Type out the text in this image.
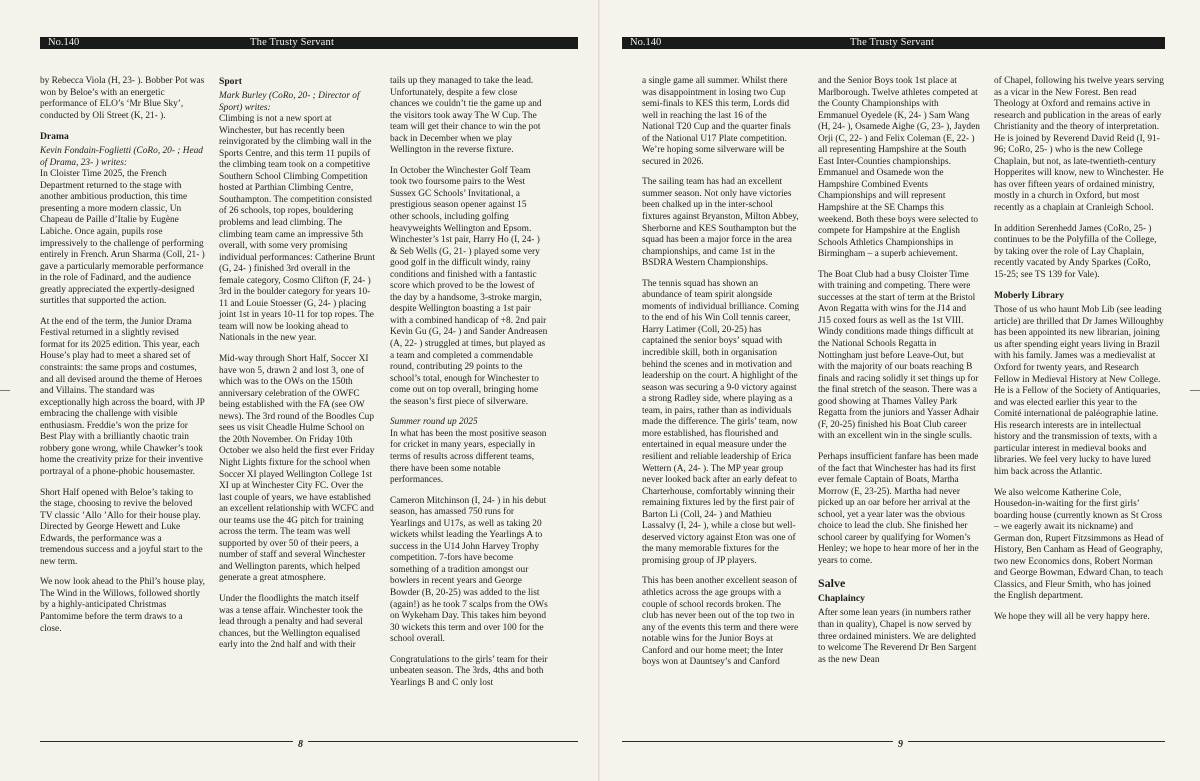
No.140	The Trusty Servant

by Rebecca Viola (H, 23- ). Bobber Pot was won by Beloe’s with an energetic performance of ELO’s ‘Mr Blue Sky’, conducted by Oli Street (K, 21- ).

Drama

Kevin Fondain-Foglietti (CoRo, 20- ; Head of Drama, 23- ) writes:

In Cloister Time 2025, the French Department returned to the stage with another ambitious production, this time presenting a more modern classic, Un Chapeau de Paille d’Italie by Eugène Labiche. Once again, pupils rose impressively to the challenge of performing entirely in French. Arun Sharma (Coll, 21- ) gave a particularly memorable performance in the role of Fadinard, and the audience greatly appreciated the expertly-designed surtitles that supported the action.

At the end of the term, the Junior Drama Festival returned in a slightly revised format for its 2025 edition. This year, each House’s play had to meet a shared set of constraints: the same props and costumes, and all devised around the theme of Heroes and Villains. The standard was exceptionally high across the board, with JP embracing the challenge with visible enthusiasm. Freddie’s won the prize for Best Play with a brilliantly chaotic train robbery gone wrong, while Chawker’s took home the creativity prize for their inventive portrayal of a phone-phobic housemaster.

Short Half opened with Beloe’s taking to the stage, choosing to revive the beloved TV classic ’Allo ’Allo for their house play. Directed by George Hewett and Luke Edwards, the performance was a tremendous success and a joyful start to the new term.

We now look ahead to the Phil’s house play, The Wind in the Willows, followed shortly by a highly-anticipated Christmas Pantomime before the term draws to a close.

Sport

Mark Burley (CoRo, 20- ; Director of Sport) writes:

Climbing is not a new sport at Winchester, but has recently been reinvigorated by the climbing wall in the Sports Centre, and this term 11 pupils of the climbing team took on a competitive Southern School Climbing Competition hosted at Parthian Climbing Centre, Southampton. The competition consisted of 26 schools, top ropes, bouldering problems and lead climbing. The climbing team came an impressive 5th overall, with some very promising individual performances: Catherine Brunt (G, 24- ) finished 3rd overall in the female category, Cosmo Clifton (F, 24- ) 3rd in the boulder category for years 10-11 and Louie Stoesser (G, 24- ) placing joint 1st in years 10-11 for top ropes. The team will now be looking ahead to Nationals in the new year.

Mid-way through Short Half, Soccer XI have won 5, drawn 2 and lost 3, one of which was to the OWs on the 150th anniversary celebration of the OWFC being established with the FA (see OW news). The 3rd round of the Boodles Cup sees us visit Cheadle Hulme School on the 20th November. On Friday 10th October we also held the first ever Friday Night Lights fixture for the school when Soccer XI played Wellington College 1st XI up at Winchester City FC. Over the last couple of years, we have established an excellent relationship with WCFC and our teams use the 4G pitch for training across the term. The team was well supported by over 50 of their peers, a number of staff and several Winchester and Wellington parents, which helped generate a great atmosphere.

Under the floodlights the match itself was a tense affair. Winchester took the lead through a penalty and had several chances, but the Wellington equalised early into the 2nd half and with their

tails up they managed to take the lead. Unfortunately, despite a few close chances we couldn’t tie the game up and the visitors took away The W Cup. The team will get their chance to win the pot back in December when we play Wellington in the reverse fixture.

In October the Winchester Golf Team took two foursome pairs to the West Sussex GC Schools’ Invitational, a prestigious season opener against 15 other schools, including golfing heavyweights Wellington and Epsom. Winchester’s 1st pair, Harry Ho (I, 24- ) & Seb Wells (G, 21- ) played some very good golf in the difficult windy, rainy conditions and finished with a fantastic score which proved to be the lowest of the day by a handsome, 3-stroke margin, despite Wellington boasting a 1st pair with a combined handicap of +8. 2nd pair Kevin Gu (G, 24- ) and Sander Andreasen (A, 22- ) struggled at times, but played as a team and completed a commendable round, contributing 29 points to the school’s total, enough for Winchester to come out on top overall, bringing home the season’s first piece of silverware.

Summer round up 2025

In what has been the most positive season for cricket in many years, especially in terms of results across different teams, there have been some notable performances.

Cameron Mitchinson (I, 24- ) in his debut season, has amassed 750 runs for Yearlings and U17s, as well as taking 20 wickets whilst leading the Yearlings A to success in the U14 John Harvey Trophy competition. 7-fors have become something of a tradition amongst our bowlers in recent years and George Bowder (B, 20-25) was added to the list (again!) as he took 7 scalps from the OWs on Wykeham Day. This takes him beyond 30 wickets this term and over 100 for the school overall.

Congratulations to the girls’ team for their unbeaten season. The 3rds, 4ths and both Yearlings B and C only lost

8
No.140	The Trusty Servant
9

a single game all summer. Whilst there was disappointment in losing two Cup semi-finals to KES this term, Lords did well in reaching the last 16 of the National T20 Cup and the quarter finals of the National U17 Plate competition. We’re hoping some silverware will be secured in 2026.

The sailing team has had an excellent summer season. Not only have victories been chalked up in the inter-school fixtures against Bryanston, Milton Abbey, Sherborne and KES Southampton but the squad has been a major force in the area championships, and came 1st in the BSDRA Western Championships.

The tennis squad has shown an abundance of team spirit alongside moments of individual brilliance. Coming to the end of his Win Coll tennis career, Harry Latimer (Coll, 20-25) has captained the senior boys’ squad with incredible skill, both in organisation behind the scenes and in motivation and leadership on the court. A highlight of the season was securing a 9-0 victory against a strong Radley side, where playing as a team, in pairs, rather than as individuals made the difference. The girls’ team, now more established, has flourished and entertained in equal measure under the resilient and reliable leadership of Erica Wettern (A, 24- ). The MP year group never looked back after an early defeat to Charterhouse, comfortably winning their remaining fixtures led by the first pair of Barton Li (Coll, 24- ) and Mathieu Lassalvy (I, 24- ), while a close but well-deserved victory against Eton was one of the many memorable fixtures for the promising group of JP players.

This has been another excellent season of athletics across the age groups with a couple of school records broken. The club has never been out of the top two in any of the events this term and there were notable wins for the Junior Boys at Canford and our home meet; the Inter boys won at Dauntsey’s and Canford

and the Senior Boys took 1st place at Marlborough. Twelve athletes competed at the County Championships with Emmanuel Oyedele (K, 24- ) Sam Wang (H, 24- ), Osamede Aighe (G, 23- ), Jayden Orji (C, 22- ) and Felix Coleman (E, 22- ) all representing Hampshire at the South East Inter-Counties championships. Emmanuel and Osamede won the Hampshire Combined Events Championships and will represent Hampshire at the SE Champs this weekend. Both these boys were selected to compete for Hampshire at the English Schools Athletics Championships in Birmingham – a superb achievement.

The Boat Club had a busy Cloister Time with training and competing. There were successes at the start of term at the Bristol Avon Regatta with wins for the J14 and J15 coxed fours as well as the 1st VIII. Windy conditions made things difficult at the National Schools Regatta in Nottingham just before Leave-Out, but with the majority of our boats reaching B finals and racing solidly it set things up for the final stretch of the season. There was a good showing at Thames Valley Park Regatta from the juniors and Yasser Adhair (F, 20-25) finished his Boat Club career with an excellent win in the single sculls.

Perhaps insufficient fanfare has been made of the fact that Winchester has had its first ever female Captain of Boats, Martha Morrow (E, 23-25). Martha had never picked up an oar before her arrival at the school, yet a year later was the obvious choice to lead the club. She finished her school career by qualifying for Women’s Henley; we hope to hear more of her in the years to come.

Salve
Chaplaincy

After some lean years (in numbers rather than in quality), Chapel is now served by three ordained ministers. We are delighted to welcome The Reverend Dr Ben Sargent as the new Dean

of Chapel, following his twelve years serving as a vicar in the New Forest. Ben read Theology at Oxford and remains active in research and publication in the areas of early Christianity and the theory of interpretation. He is joined by Reverend David Reid (I, 91-96; CoRo, 25- ) who is the new College Chaplain, but not, as late-twentieth-century Hopperites will know, new to Winchester. He has over fifteen years of ordained ministry, mostly in a church in Oxford, but most recently as a chaplain at Cranleigh School.

In addition Serenhedd James (CoRo, 25- ) continues to be the Polyfilla of the College, by taking over the role of Lay Chaplain, recently vacated by Andy Sparkes (CoRo, 15-25; see TS 139 for Vale).

Moberly Library

Those of us who haunt Mob Lib (see leading article) are thrilled that Dr James Willoughby has been appointed its new librarian, joining us after spending eight years living in Brazil with his family. James was a medievalist at Oxford for twenty years, and Research Fellow in Medieval History at New College. He is a Fellow of the Society of Antiquaries, and was elected earlier this year to the Comité international de paléographie latine. His research interests are in intellectual history and the transmission of texts, with a particular interest in medieval books and libraries. We feel very lucky to have lured him back across the Atlantic.

We also welcome Katherine Cole, Housedon-in-waiting for the first girls’ boarding house (currently known as St Cross – we eagerly await its nickname) and German don, Rupert Fitzsimmons as Head of History, Ben Canham as Head of Geography, two new Economics dons, Robert Norman and George Bowman, Edward Chan, to teach Classics, and Fleur Smith, who has joined the English department.

We hope they will all be very happy here.
